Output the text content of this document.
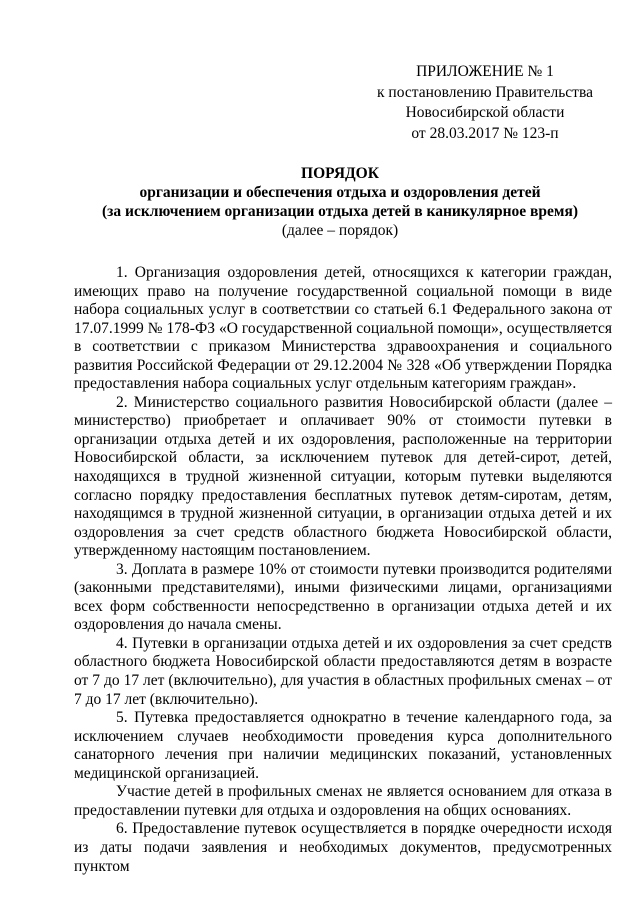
ПРИЛОЖЕНИЕ № 1
к постановлению Правительства
Новосибирской области
от 28.03.2017 № 123-п
ПОРЯДОК
организации и обеспечения отдыха и оздоровления детей
(за исключением организации отдыха детей в каникулярное время)
(далее – порядок)

1. Организация оздоровления детей, относящихся к категории граждан, имеющих право на получение государственной социальной помощи в виде набора социальных услуг в соответствии со статьей 6.1 Федерального закона от 17.07.1999 № 178-ФЗ «О государственной социальной помощи», осуществляется в соответствии с приказом Министерства здравоохранения и социального развития Российской Федерации от 29.12.2004 № 328 «Об утверждении Порядка предоставления набора социальных услуг отдельным категориям граждан».

2. Министерство социального развития Новосибирской области (далее – министерство) приобретает и оплачивает 90% от стоимости путевки в организации отдыха детей и их оздоровления, расположенные на территории Новосибирской области, за исключением путевок для детей-сирот, детей, находящихся в трудной жизненной ситуации, которым путевки выделяются согласно порядку предоставления бесплатных путевок детям-сиротам, детям, находящимся в трудной жизненной ситуации, в организации отдыха детей и их оздоровления за счет средств областного бюджета Новосибирской области, утвержденному настоящим постановлением.

3. Доплата в размере 10% от стоимости путевки производится родителями (законными представителями), иными физическими лицами, организациями всех форм собственности непосредственно в организации отдыха детей и их оздоровления до начала смены.

4. Путевки в организации отдыха детей и их оздоровления за счет средств областного бюджета Новосибирской области предоставляются детям в возрасте от 7 до 17 лет (включительно), для участия в областных профильных сменах – от 7 до 17 лет (включительно).

5. Путевка предоставляется однократно в течение календарного года, за исключением случаев необходимости проведения курса дополнительного санаторного лечения при наличии медицинских показаний, установленных медицинской организацией.

Участие детей в профильных сменах не является основанием для отказа в предоставлении путевки для отдыха и оздоровления на общих основаниях.

6. Предоставление путевок осуществляется в порядке очередности исходя из даты подачи заявления и необходимых документов, предусмотренных пунктом
